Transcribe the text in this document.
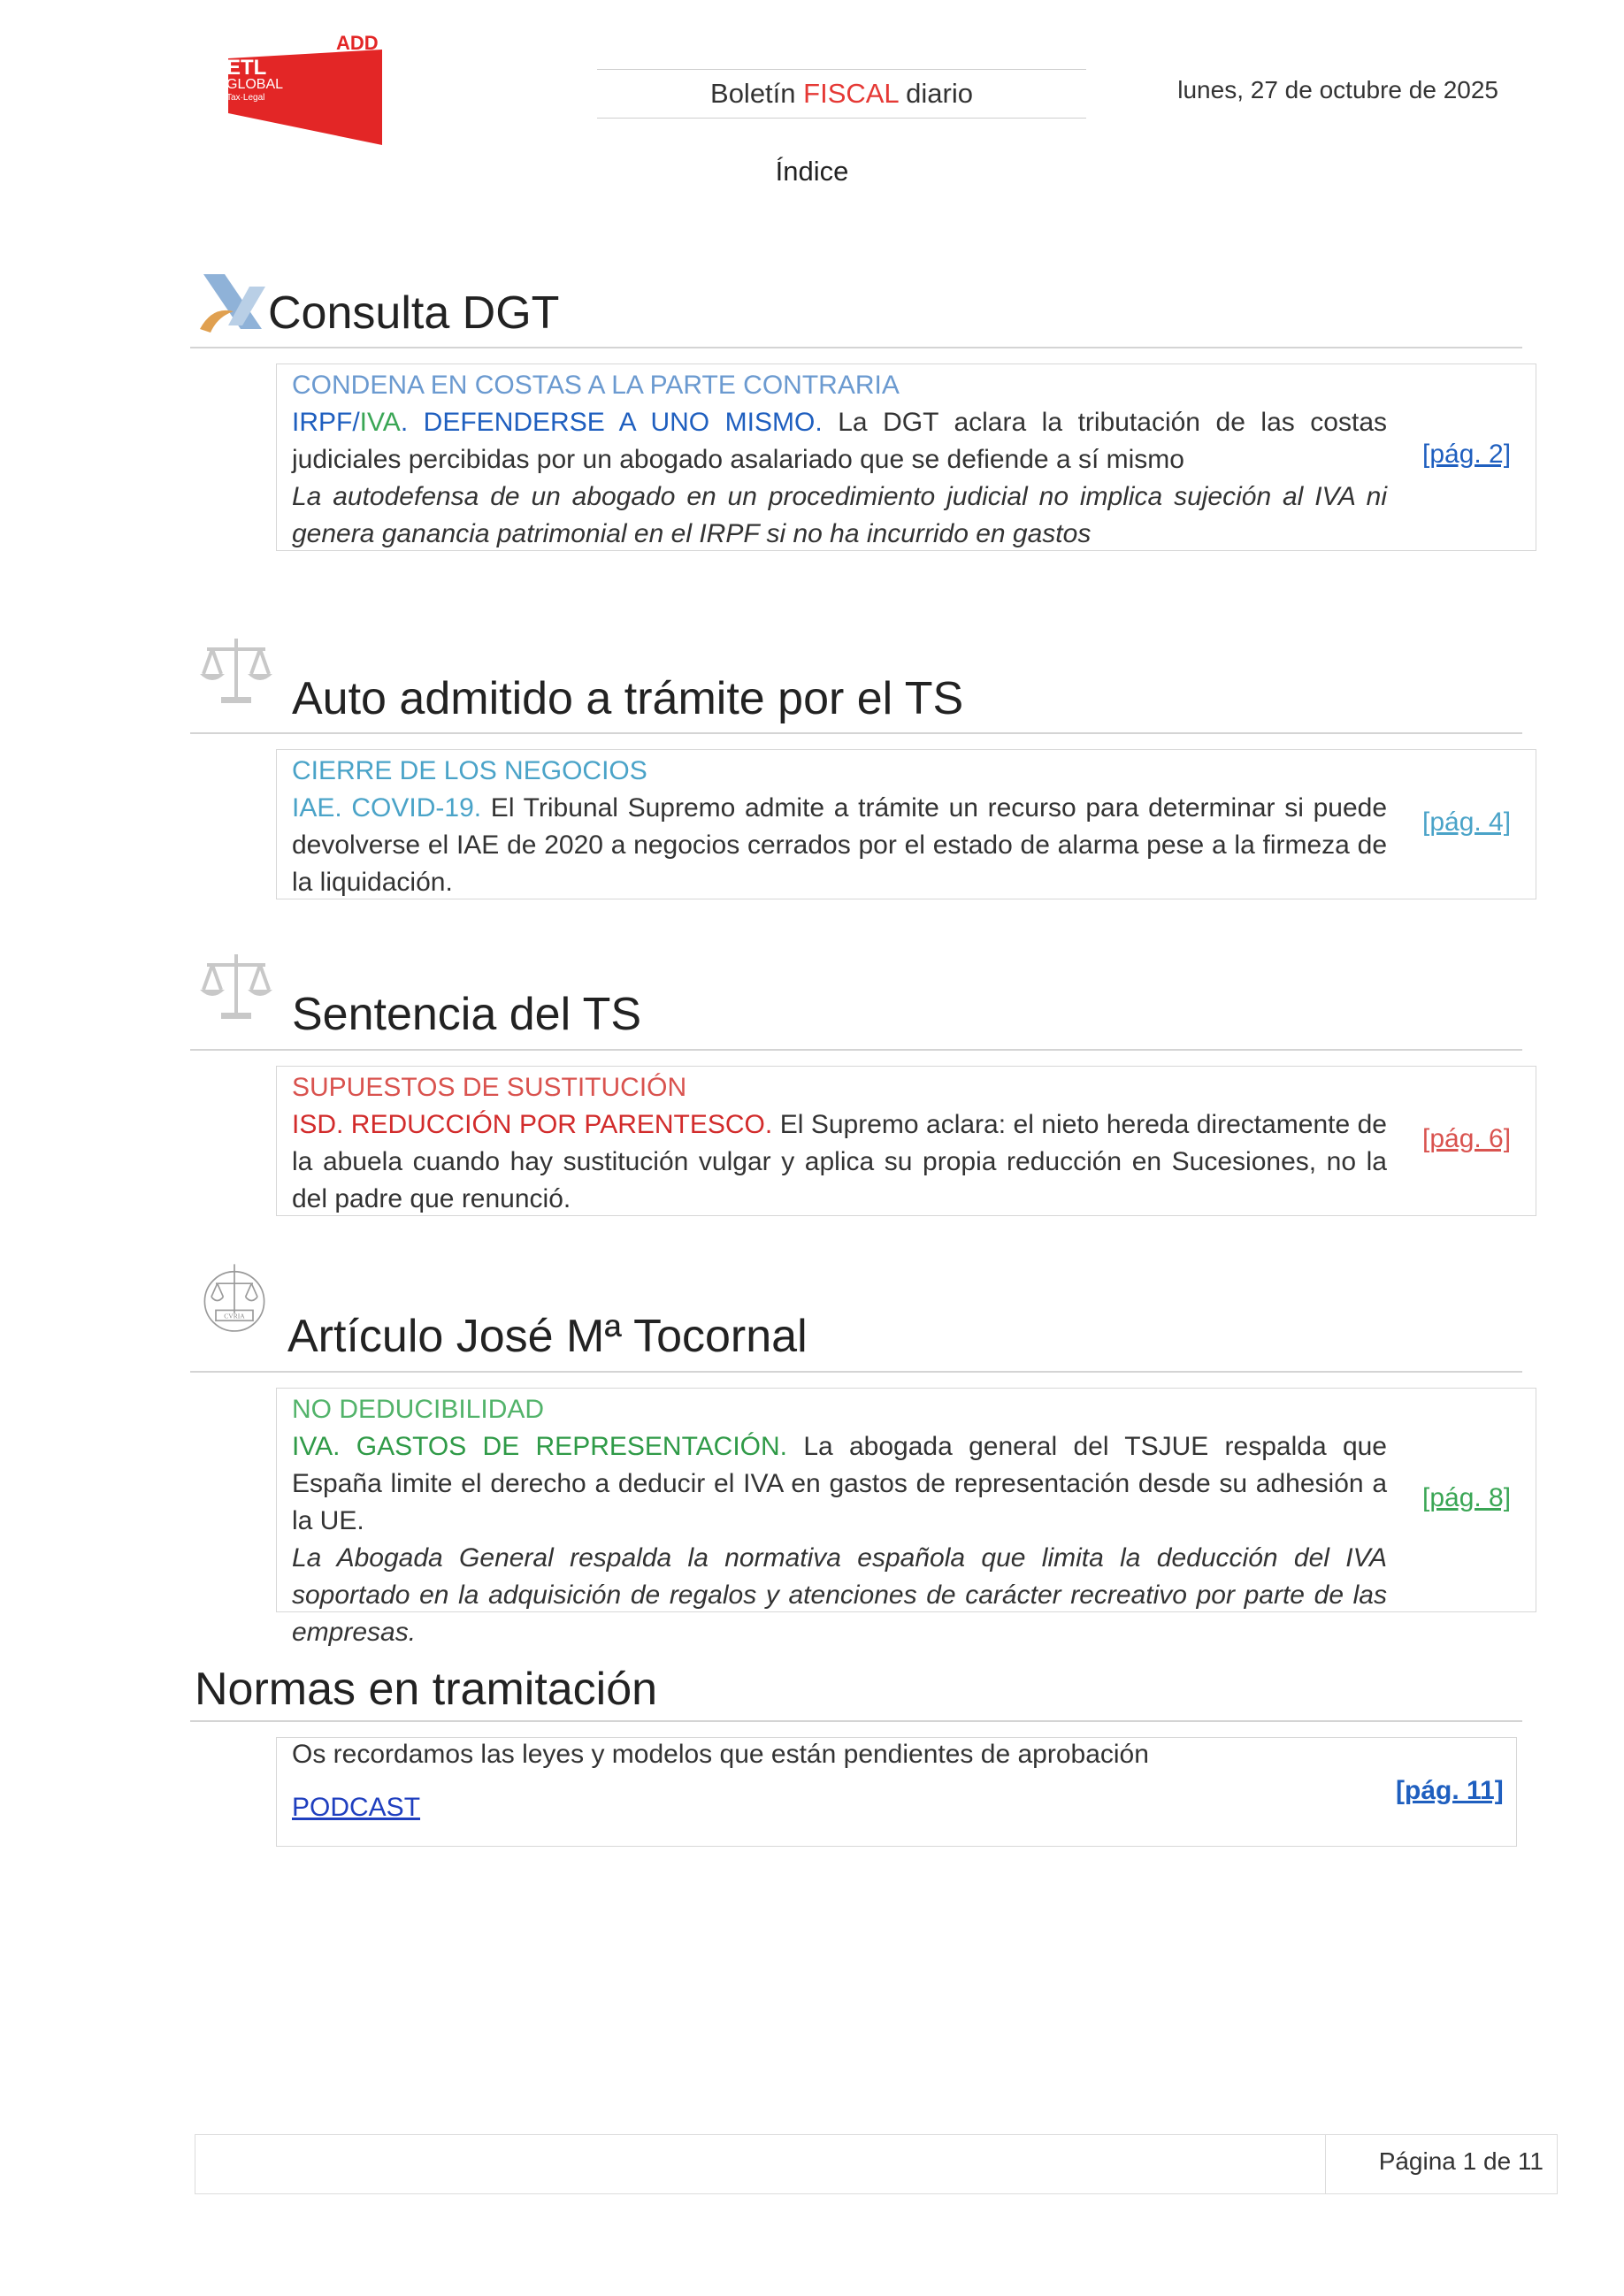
ADD
ETL
GLOBAL
Tax·Legal	Boletín FISCAL diario	lunes, 27 de octubre de 2025
Índice
Consulta DGT
CONDENA EN COSTAS A LA PARTE CONTRARIA
IRPF/IVA. DEFENDERSE A UNO MISMO. La DGT aclara la tributación de las costas judiciales percibidas por un abogado asalariado que se defiende a sí mismo
La autodefensa de un abogado en un procedimiento judicial no implica sujeción al IVA ni genera ganancia patrimonial en el IRPF si no ha incurrido en gastos
[pág. 2]
Auto admitido a trámite por el TS
CIERRE DE LOS NEGOCIOS
IAE. COVID-19. El Tribunal Supremo admite a trámite un recurso para determinar si puede devolverse el IAE de 2020 a negocios cerrados por el estado de alarma pese a la firmeza de la liquidación.
[pág. 4]
Sentencia del TS
SUPUESTOS DE SUSTITUCIÓN
ISD. REDUCCIÓN POR PARENTESCO. El Supremo aclara: el nieto hereda directamente de la abuela cuando hay sustitución vulgar y aplica su propia reducción en Sucesiones, no la del padre que renunció.
[pág. 6]
CVRIA Artículo José Mª Tocornal
NO DEDUCIBILIDAD
IVA. GASTOS DE REPRESENTACIÓN. La abogada general del TSJUE respalda que España limite el derecho a deducir el IVA en gastos de representación desde su adhesión a la UE.
La Abogada General respalda la normativa española que limita la deducción del IVA soportado en la adquisición de regalos y atenciones de carácter recreativo por parte de las empresas.
[pág. 8]
Normas en tramitación
Os recordamos las leyes y modelos que están pendientes de aprobación
PODCAST
[pág. 11]
Página 1 de 11
